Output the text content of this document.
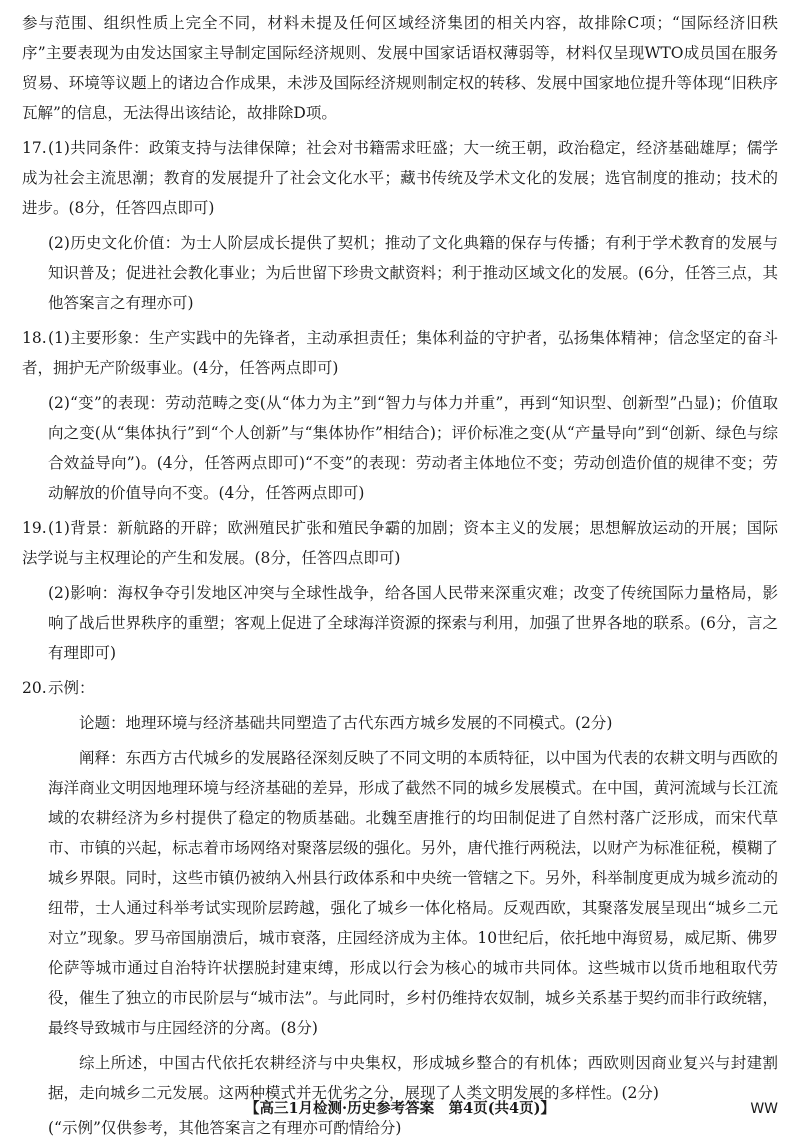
参与范围、组织性质上完全不同，材料未提及任何区域经济集团的相关内容，故排除C项；“国际经济旧秩序”主要表现为由发达国家主导制定国际经济规则、发展中国家话语权薄弱等，材料仅呈现WTO成员国在服务贸易、环境等议题上的诸边合作成果，未涉及国际经济规则制定权的转移、发展中国家地位提升等体现“旧秩序瓦解”的信息，无法得出该结论，故排除D项。

17.(1)共同条件：政策支持与法律保障；社会对书籍需求旺盛；大一统王朝，政治稳定，经济基础雄厚；儒学成为社会主流思潮；教育的发展提升了社会文化水平；藏书传统及学术文化的发展；选官制度的推动；技术的进步。(8分，任答四点即可)

(2)历史文化价值：为士人阶层成长提供了契机；推动了文化典籍的保存与传播；有利于学术教育的发展与知识普及；促进社会教化事业；为后世留下珍贵文献资料；利于推动区域文化的发展。(6分，任答三点，其他答案言之有理亦可)

18.(1)主要形象：生产实践中的先锋者，主动承担责任；集体利益的守护者，弘扬集体精神；信念坚定的奋斗者，拥护无产阶级事业。(4分，任答两点即可)

(2)“变”的表现：劳动范畴之变(从“体力为主”到“智力与体力并重”，再到“知识型、创新型”凸显)；价值取向之变(从“集体执行”到“个人创新”与“集体协作”相结合)；评价标准之变(从“产量导向”到“创新、绿色与综合效益导向”)。(4分，任答两点即可)“不变”的表现：劳动者主体地位不变；劳动创造价值的规律不变；劳动解放的价值导向不变。(4分，任答两点即可)

19.(1)背景：新航路的开辟；欧洲殖民扩张和殖民争霸的加剧；资本主义的发展；思想解放运动的开展；国际法学说与主权理论的产生和发展。(8分，任答四点即可)

(2)影响：海权争夺引发地区冲突与全球性战争，给各国人民带来深重灾难；改变了传统国际力量格局，影响了战后世界秩序的重塑；客观上促进了全球海洋资源的探索与利用，加强了世界各地的联系。(6分，言之有理即可)

20.示例：

论题：地理环境与经济基础共同塑造了古代东西方城乡发展的不同模式。(2分)

阐释：东西方古代城乡的发展路径深刻反映了不同文明的本质特征，以中国为代表的农耕文明与西欧的海洋商业文明因地理环境与经济基础的差异，形成了截然不同的城乡发展模式。在中国，黄河流域与长江流域的农耕经济为乡村提供了稳定的物质基础。北魏至唐推行的均田制促进了自然村落广泛形成，而宋代草市、市镇的兴起，标志着市场网络对聚落层级的强化。另外，唐代推行两税法，以财产为标准征税，模糊了城乡界限。同时，这些市镇仍被纳入州县行政体系和中央统一管辖之下。另外，科举制度更成为城乡流动的纽带，士人通过科举考试实现阶层跨越，强化了城乡一体化格局。反观西欧，其聚落发展呈现出“城乡二元对立”现象。罗马帝国崩溃后，城市衰落，庄园经济成为主体。10世纪后，依托地中海贸易，威尼斯、佛罗伦萨等城市通过自治特许状摆脱封建束缚，形成以行会为核心的城市共同体。这些城市以货币地租取代劳役，催生了独立的市民阶层与“城市法”。与此同时，乡村仍维持农奴制，城乡关系基于契约而非行政统辖，最终导致城市与庄园经济的分离。(8分)

综上所述，中国古代依托农耕经济与中央集权，形成城乡整合的有机体；西欧则因商业复兴与封建割据，走向城乡二元发展。这两种模式并无优劣之分，展现了人类文明发展的多样性。(2分)

(“示例”仅供参考，其他答案言之有理亦可酌情给分)

【高三1月检测·历史参考答案　第4页(共4页)】	WW
